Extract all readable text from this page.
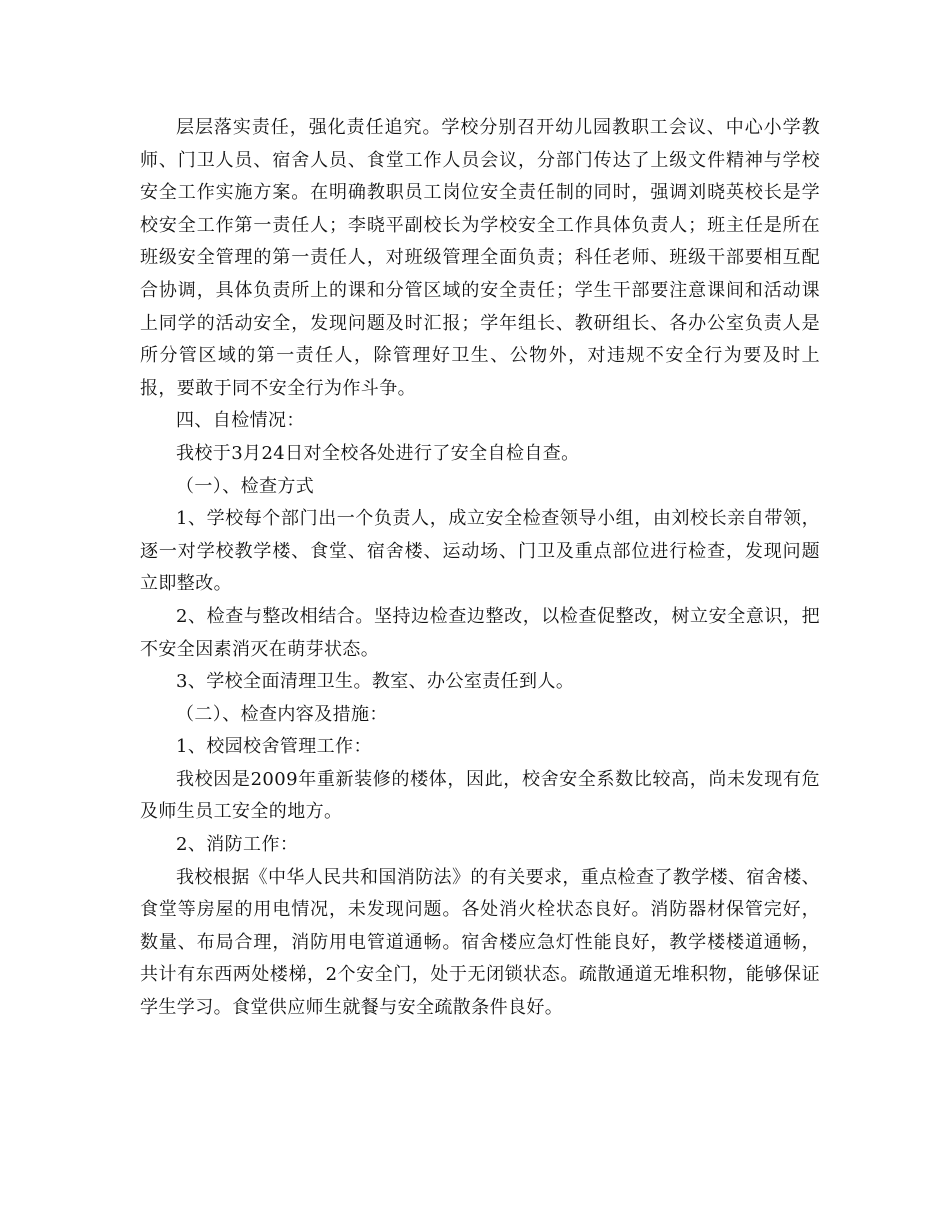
层层落实责任，强化责任追究。学校分别召开幼儿园教职工会议、中心小学教师、门卫人员、宿舍人员、食堂工作人员会议，分部门传达了上级文件精神与学校安全工作实施方案。在明确教职员工岗位安全责任制的同时，强调刘晓英校长是学校安全工作第一责任人；李晓平副校长为学校安全工作具体负责人；班主任是所在班级安全管理的第一责任人，对班级管理全面负责；科任老师、班级干部要相互配合协调，具体负责所上的课和分管区域的安全责任；学生干部要注意课间和活动课上同学的活动安全，发现问题及时汇报；学年组长、教研组长、各办公室负责人是所分管区域的第一责任人，除管理好卫生、公物外，对违规不安全行为要及时上报，要敢于同不安全行为作斗争。

四、自检情况：

我校于3月24日对全校各处进行了安全自检自查。

（一）、检查方式

1、学校每个部门出一个负责人，成立安全检查领导小组，由刘校长亲自带领，逐一对学校教学楼、食堂、宿舍楼、运动场、门卫及重点部位进行检查，发现问题立即整改。

2、检查与整改相结合。坚持边检查边整改，以检查促整改，树立安全意识，把不安全因素消灭在萌芽状态。

3、学校全面清理卫生。教室、办公室责任到人。

（二）、检查内容及措施：

1、校园校舍管理工作：

我校因是2009年重新装修的楼体，因此，校舍安全系数比较高，尚未发现有危及师生员工安全的地方。

2、消防工作：

我校根据《中华人民共和国消防法》的有关要求，重点检查了教学楼、宿舍楼、食堂等房屋的用电情况，未发现问题。各处消火栓状态良好。消防器材保管完好，数量、布局合理，消防用电管道通畅。宿舍楼应急灯性能良好，教学楼楼道通畅，共计有东西两处楼梯，2个安全门，处于无闭锁状态。疏散通道无堆积物，能够保证学生学习。食堂供应师生就餐与安全疏散条件良好。
